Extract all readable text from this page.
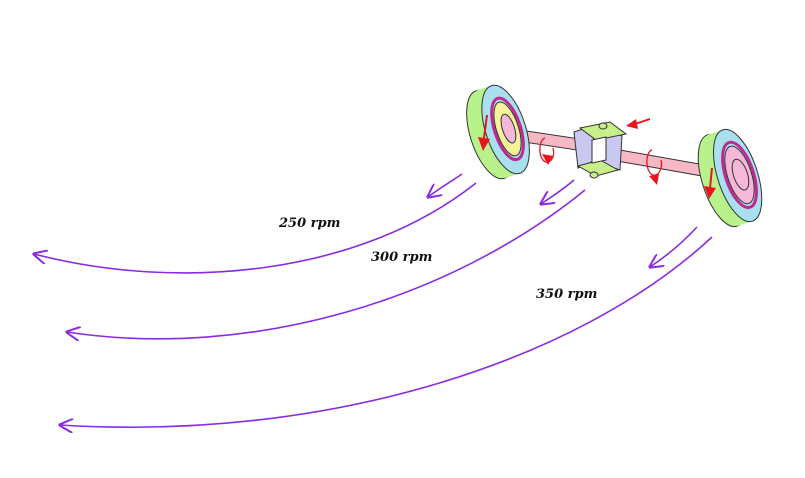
250 rpm
300 rpm
350 rpm
